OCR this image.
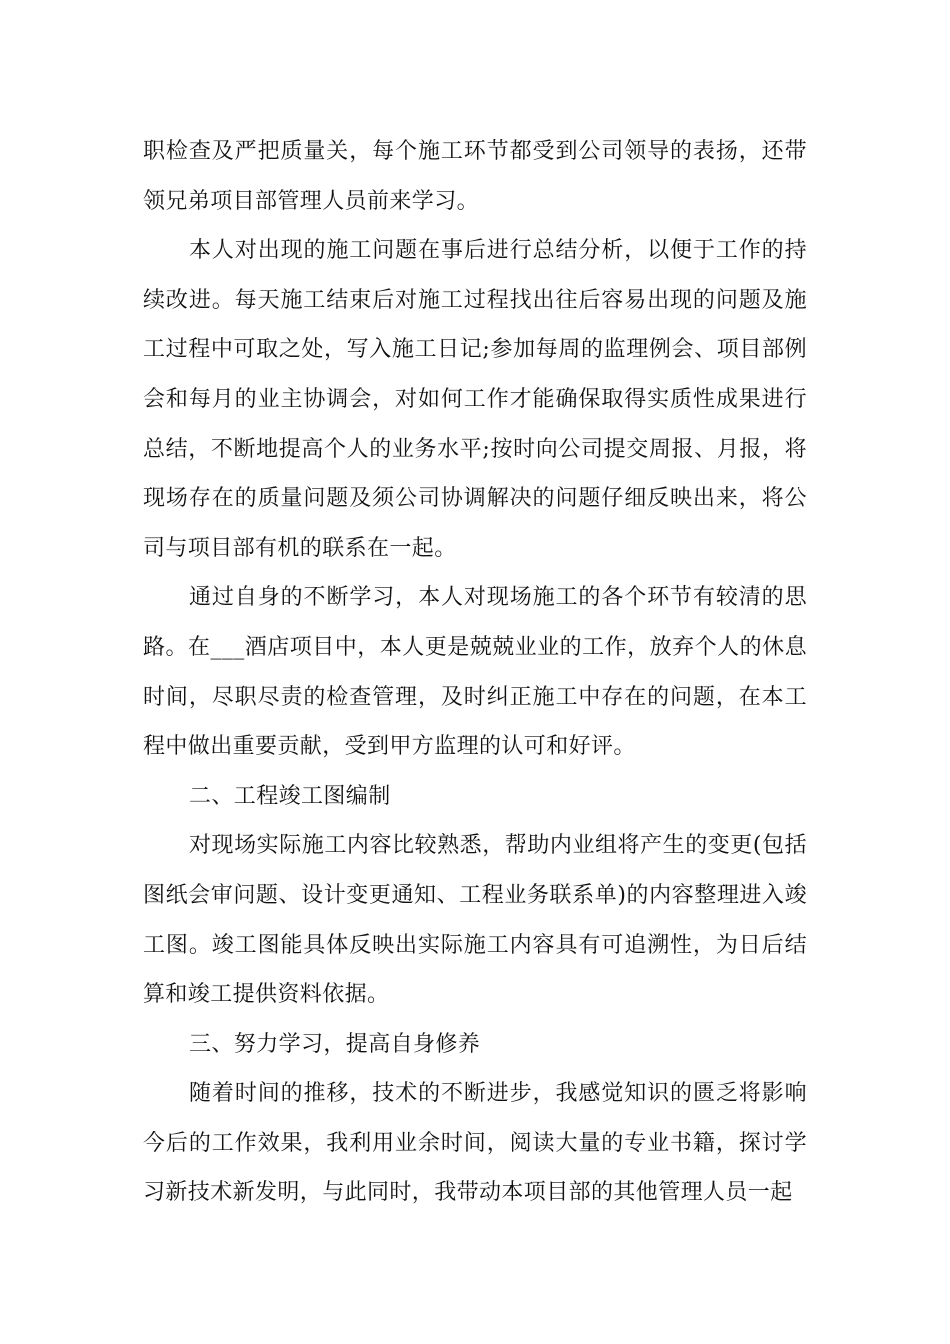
职检查及严把质量关，每个施工环节都受到公司领导的表扬，还带领兄弟项目部管理人员前来学习。

本人对出现的施工问题在事后进行总结分析，以便于工作的持续改进。每天施工结束后对施工过程找出往后容易出现的问题及施工过程中可取之处，写入施工日记;参加每周的监理例会、项目部例会和每月的业主协调会，对如何工作才能确保取得实质性成果进行总结，不断地提高个人的业务水平;按时向公司提交周报、月报，将现场存在的质量问题及须公司协调解决的问题仔细反映出来，将公司与项目部有机的联系在一起。

通过自身的不断学习，本人对现场施工的各个环节有较清的思路。在___酒店项目中，本人更是兢兢业业的工作，放弃个人的休息时间，尽职尽责的检查管理，及时纠正施工中存在的问题，在本工程中做出重要贡献，受到甲方监理的认可和好评。

二、工程竣工图编制

对现场实际施工内容比较熟悉，帮助内业组将产生的变更(包括图纸会审问题、设计变更通知、工程业务联系单)的内容整理进入竣工图。竣工图能具体反映出实际施工内容具有可追溯性，为日后结算和竣工提供资料依据。

三、努力学习，提高自身修养

随着时间的推移，技术的不断进步，我感觉知识的匮乏将影响今后的工作效果，我利用业余时间，阅读大量的专业书籍，探讨学习新技术新发明，与此同时，我带动本项目部的其他管理人员一起
